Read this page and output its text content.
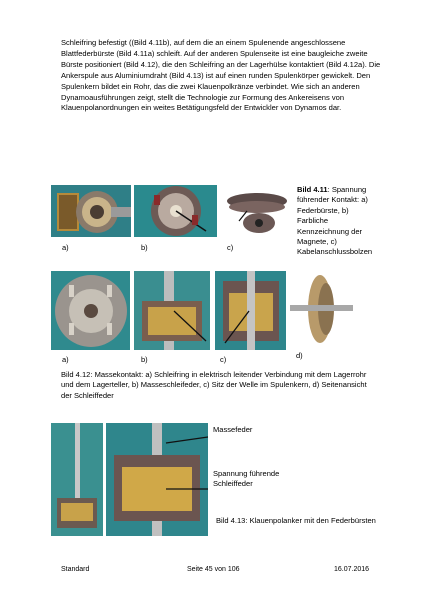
Schleifring befestigt ((Bild 4.11b), auf dem die an einem Spulenende angeschlossene Blattfederbürste (Bild 4.11a) schleift. Auf der anderen Spulenseite ist eine baugleiche zweite Bürste positioniert (Bild 4.12), die den Schleifring an der Lagerhülse kontaktiert (Bild 4.12a). Die Ankerspule aus Aluminiumdraht (Bild 4.13) ist auf einen runden Spulenkörper gewickelt. Den Spulenkern bildet ein Rohr, das die zwei Klauenpolkränze verbindet. Wie sich an anderen Dynamoausführungen zeigt, stellt die Technologie zur Formung des Ankereisens von Klauenpolanordnungen ein weites Betätigungsfeld der Entwickler von Dynamos dar.

Bild 4.11: Spannung führender Kontakt: a) Federbürste, b) Farbliche Kennzeichnung der Magnete, c) Kabelanschlussbolzen
a)	b)	c)
a)	b)	c)	d)

Bild 4.12: Massekontakt: a) Schleifring in elektrisch leitender Verbindung mit dem Lagerrohr und dem Lagerteller, b) Masseschleifeder, c) Sitz der Welle im Spulenkern, d) Seitenansicht der Schleiffeder

Massefeder
Spannung führende Schleiffeder
Bild 4.13: Klauenpolanker mit den Federbürsten
Standard	Seite 45 von 106	16.07.2016
